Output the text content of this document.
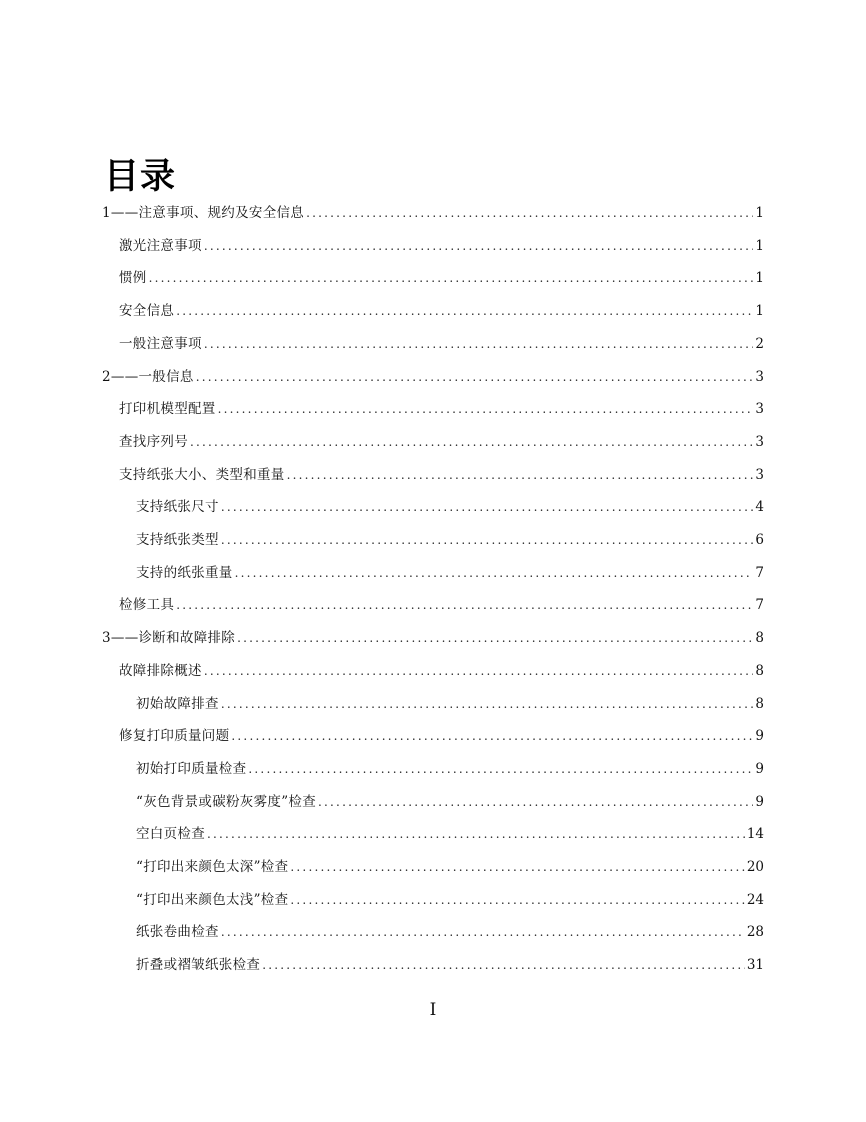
目录
1——注意事项、规约及安全信息 .....	1
激光注意事项 .....	1
惯例 .....	1
安全信息 .....	1
一般注意事项 .....	2
2——一般信息 .....	3
打印机模型配置 .....	3
查找序列号 .....	3
支持纸张大小、类型和重量 .....	3
支持纸张尺寸 .....	4
支持纸张类型 .....	6
支持的纸张重量 .....	7
检修工具 .....	7
3——诊断和故障排除 .....	8
故障排除概述 .....	8
初始故障排查 .....	8
修复打印质量问题 .....	9
初始打印质量检查 .....	9
“灰色背景或碳粉灰雾度”检查 .....	9
空白页检查 .....	14
“打印出来颜色太深”检查 .....	20
“打印出来颜色太浅”检查 .....	24
纸张卷曲检查 .....	28
折叠或褶皱纸张检查 .....	31
I
